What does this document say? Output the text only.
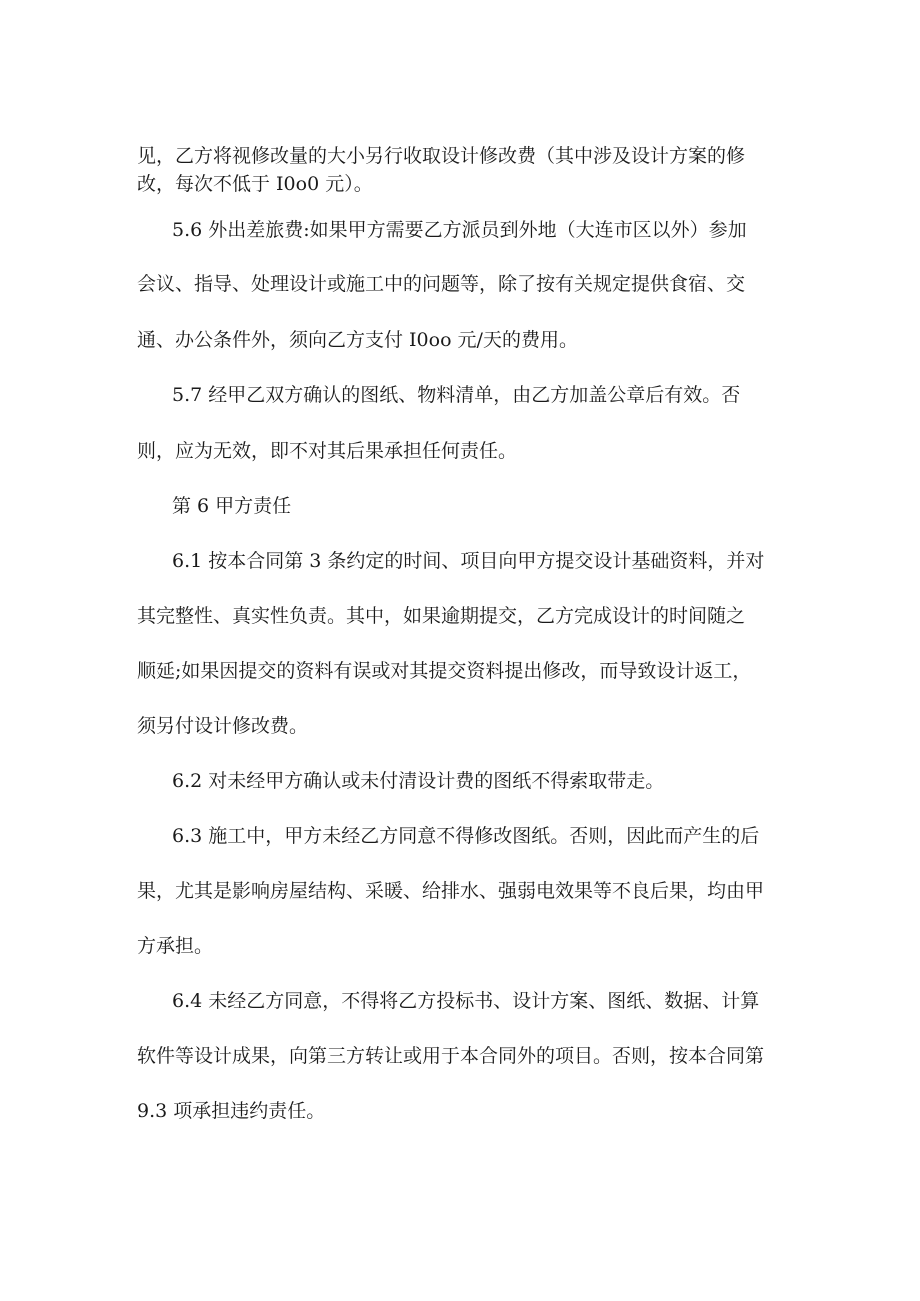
见，乙方将视修改量的大小另行收取设计修改费（其中涉及设计方案的修
改，每次不低于 I0o0 元）。
5.6 外出差旅费:如果甲方需要乙方派员到外地（大连市区以外）参加
会议、指导、处理设计或施工中的问题等，除了按有关规定提供食宿、交
通、办公条件外，须向乙方支付 I0oo 元/天的费用。
5.7 经甲乙双方确认的图纸、物料清单，由乙方加盖公章后有效。否
则，应为无效，即不对其后果承担任何责任。
第 6 甲方责任
6.1 按本合同第 3 条约定的时间、项目向甲方提交设计基础资料，并对
其完整性、真实性负责。其中，如果逾期提交，乙方完成设计的时间随之
顺延;如果因提交的资料有误或对其提交资料提出修改，而导致设计返工，
须另付设计修改费。
6.2 对未经甲方确认或未付清设计费的图纸不得索取带走。
6.3 施工中，甲方未经乙方同意不得修改图纸。否则，因此而产生的后
果，尤其是影响房屋结构、采暖、给排水、强弱电效果等不良后果，均由甲
方承担。
6.4 未经乙方同意，不得将乙方投标书、设计方案、图纸、数据、计算
软件等设计成果，向第三方转让或用于本合同外的项目。否则，按本合同第
9.3 项承担违约责任。
